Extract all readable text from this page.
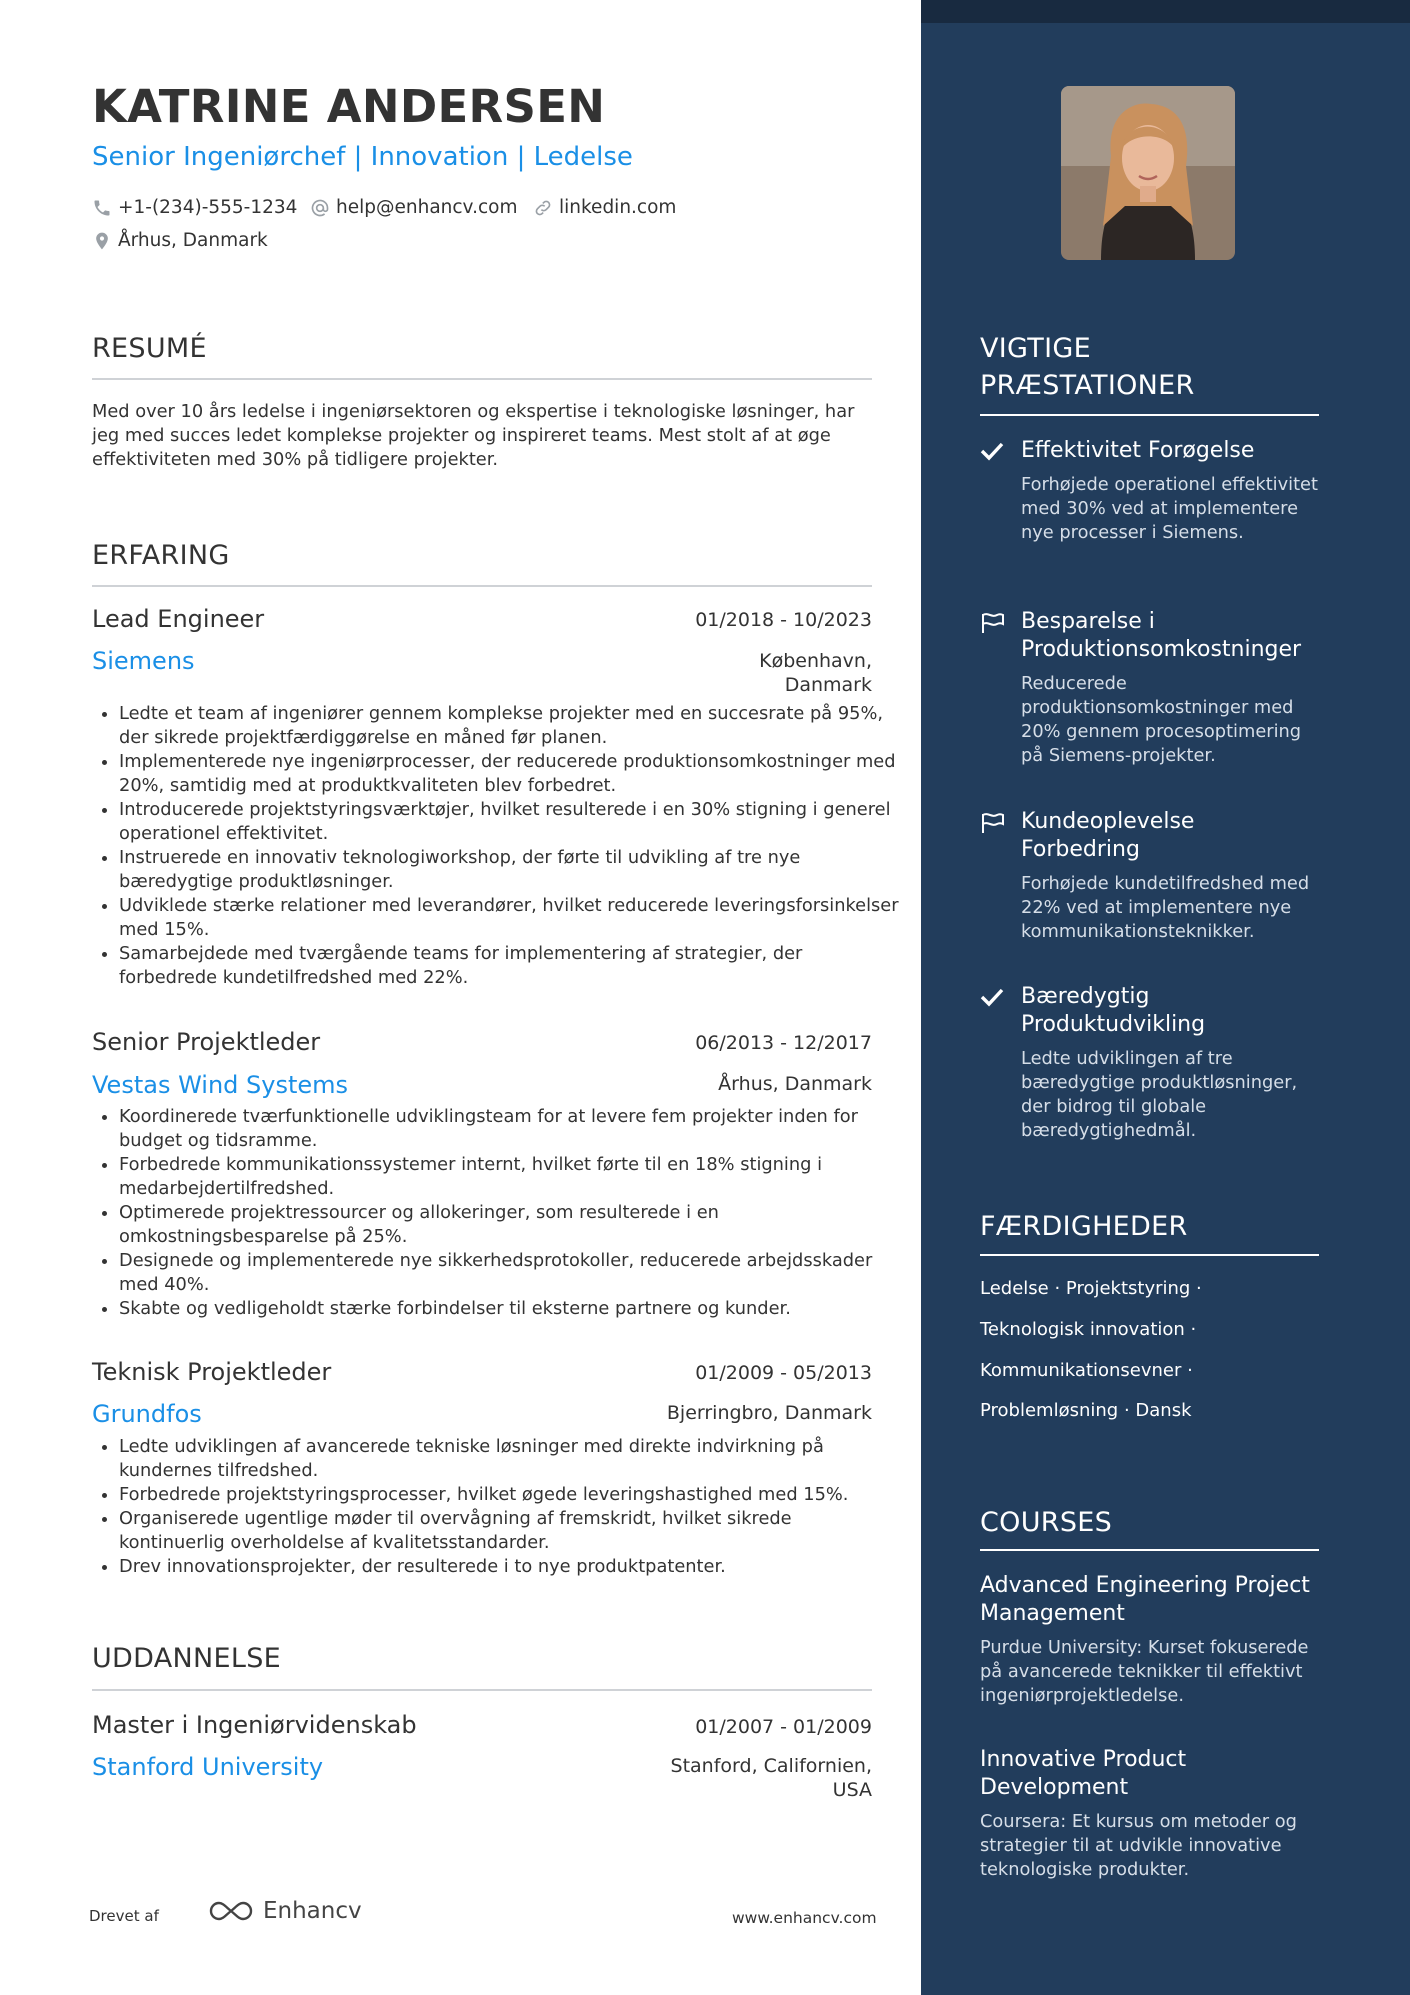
KATRINE ANDERSEN
Senior Ingeniørchef | Innovation | Ledelse
+1-(234)-555-1234 help@enhancv.com linkedin.com
Århus, Danmark
RESUMÉ

Med over 10 års ledelse i ingeniørsektoren og ekspertise i teknologiske løsninger, har jeg med succes ledet komplekse projekter og inspireret teams. Mest stolt af at øge effektiviteten med 30% på tidligere projekter.

ERFARING
Lead Engineer	01/2018 - 10/2023
Siemens	København, Danmark
• Ledte et team af ingeniører gennem komplekse projekter med en succesrate på 95%, der sikrede projektfærdiggørelse en måned før planen.
• Implementerede nye ingeniørprocesser, der reducerede produktionsomkostninger med 20%, samtidig med at produktkvaliteten blev forbedret.
• Introducerede projektstyringsværktøjer, hvilket resulterede i en 30% stigning i generel operationel effektivitet.
• Instruerede en innovativ teknologiworkshop, der førte til udvikling af tre nye bæredygtige produktløsninger.
• Udviklede stærke relationer med leverandører, hvilket reducerede leveringsforsinkelser med 15%.
• Samarbejdede med tværgående teams for implementering af strategier, der forbedrede kundetilfredshed med 22%.
Senior Projektleder	06/2013 - 12/2017
Vestas Wind Systems	Århus, Danmark
• Koordinerede tværfunktionelle udviklingsteam for at levere fem projekter inden for budget og tidsramme.
• Forbedrede kommunikationssystemer internt, hvilket førte til en 18% stigning i medarbejdertilfredshed.
• Optimerede projektressourcer og allokeringer, som resulterede i en omkostningsbesparelse på 25%.
• Designede og implementerede nye sikkerhedsprotokoller, reducerede arbejdsskader med 40%.
• Skabte og vedligeholdt stærke forbindelser til eksterne partnere og kunder.
Teknisk Projektleder	01/2009 - 05/2013
Grundfos	Bjerringbro, Danmark
• Ledte udviklingen af avancerede tekniske løsninger med direkte indvirkning på kundernes tilfredshed.
• Forbedrede projektstyringsprocesser, hvilket øgede leveringshastighed med 15%.
• Organiserede ugentlige møder til overvågning af fremskridt, hvilket sikrede kontinuerlig overholdelse af kvalitetsstandarder.
• Drev innovationsprojekter, der resulterede i to nye produktpatenter.
UDDANNELSE
Master i Ingeniørvidenskab	01/2007 - 01/2009
Stanford University	Stanford, Californien, USA
Drevet af	Enhancv	www.enhancv.com
VIGTIGE PRÆSTATIONER
Effektivitet Forøgelse
Forhøjede operationel effektivitet med 30% ved at implementere nye processer i Siemens.
Besparelse i Produktionsomkostninger
Reducerede produktionsomkostninger med 20% gennem procesoptimering på Siemens-projekter.
Kundeoplevelse Forbedring
Forhøjede kundetilfredshed med 22% ved at implementere nye kommunikationsteknikker.
Bæredygtig Produktudvikling
Ledte udviklingen af tre bæredygtige produktløsninger, der bidrog til globale bæredygtighedmål.
FÆRDIGHEDER
Ledelse · Projektstyring ·
Teknologisk innovation ·
Kommunikationsevner ·
Problemløsning · Dansk
COURSES
Advanced Engineering Project Management
Purdue University: Kurset fokuserede på avancerede teknikker til effektivt ingeniørprojektledelse.
Innovative Product Development
Coursera: Et kursus om metoder og strategier til at udvikle innovative teknologiske produkter.
